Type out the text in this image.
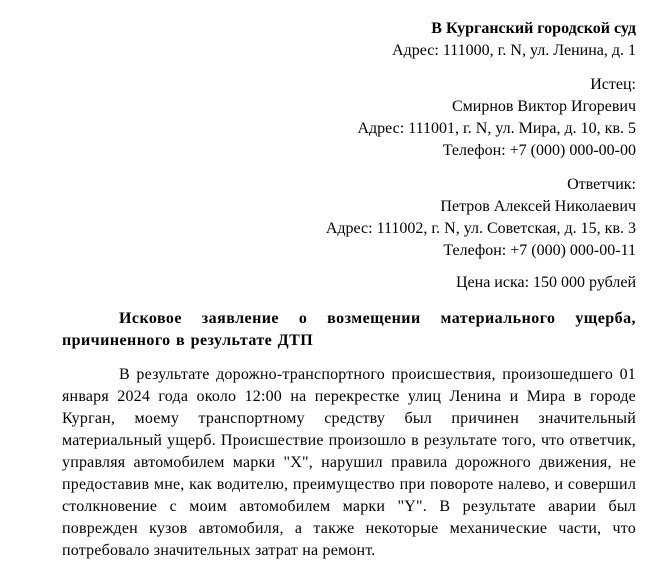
В Курганский городской суд
Адрес: 111000, г. N, ул. Ленина, д. 1
Истец:
Смирнов Виктор Игоревич
Адрес: 111001, г. N, ул. Мира, д. 10, кв. 5
Телефон: +7 (000) 000-00-00
Ответчик:
Петров Алексей Николаевич
Адрес: 111002, г. N, ул. Советская, д. 15, кв. 3
Телефон: +7 (000) 000-00-11
Цена иска: 150 000 рублей
Исковое заявление о возмещении материального ущерба, причиненного в результате ДТП
В результате дорожно-транспортного происшествия, произошедшего 01 января 2024 года около 12:00 на перекрестке улиц Ленина и Мира в городе Курган, моему транспортному средству был причинен значительный материальный ущерб. Происшествие произошло в результате того, что ответчик, управляя автомобилем марки "X", нарушил правила дорожного движения, не предоставив мне, как водителю, преимущество при повороте налево, и совершил столкновение с моим автомобилем марки "Y". В результате аварии был поврежден кузов автомобиля, а также некоторые механические части, что потребовало значительных затрат на ремонт.
